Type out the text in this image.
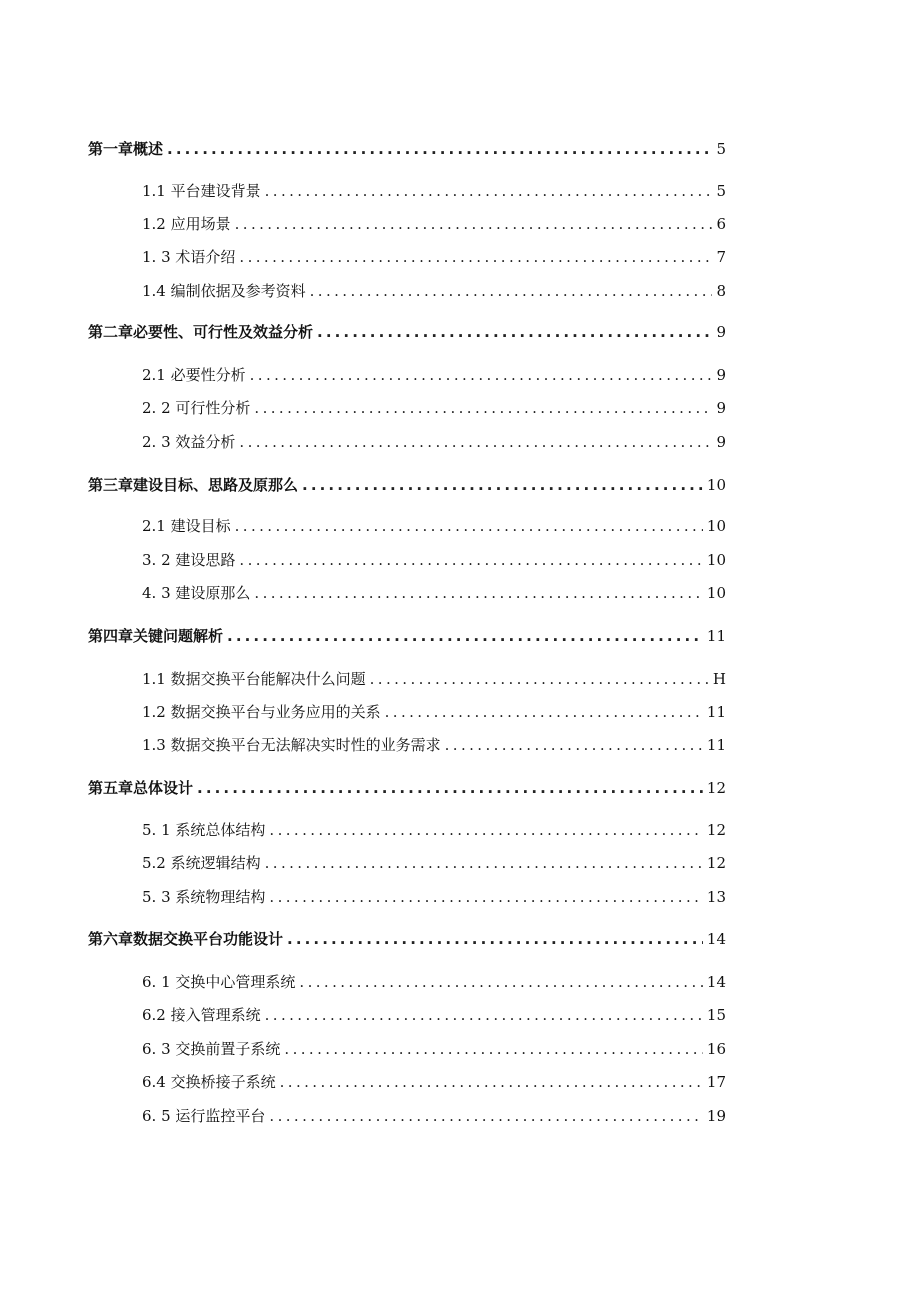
第一章概述 .....	5
1.1 平台建设背景 .....	5
1.2 应用场景 .....	6
1. 3 术语介绍 .....	7
1.4 编制依据及参考资料 .....	8
第二章必要性、可行性及效益分析 .....	9
2.1 必要性分析 .....	9
2. 2 可行性分析 .....	9
2. 3 效益分析 .....	9
第三章建设目标、思路及原那么 .....	10
2.1 建设目标 .....	10
3. 2 建设思路 .....	10
4. 3 建设原那么 .....	10
第四章关键问题解析 .....	11
1.1 数据交换平台能解决什么问题 .....	H
1.2 数据交换平台与业务应用的关系 .....	11
1.3 数据交换平台无法解决实时性的业务需求 .....	11
第五章总体设计 .....	12
5. 1 系统总体结构 .....	12
5.2 系统逻辑结构 .....	12
5. 3 系统物理结构 .....	13
第六章数据交换平台功能设计 .....	14
6. 1 交换中心管理系统 .....	14
6.2 接入管理系统 .....	15
6. 3 交换前置子系统 .....	16
6.4 交换桥接子系统 .....	17
6. 5 运行监控平台 .....	19
